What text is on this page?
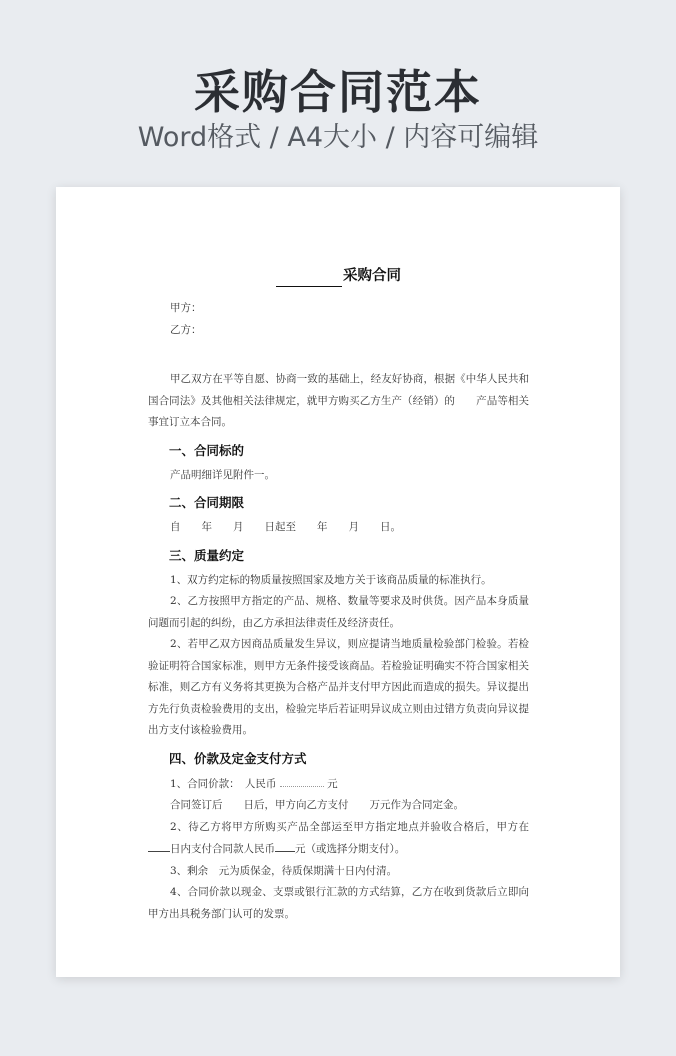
采购合同范本
Word格式 / A4大小 / 内容可编辑
采购合同
甲方：
乙方：

甲乙双方在平等自愿、协商一致的基础上，经友好协商，根据《中华人民共和国合同法》及其他相关法律规定，就甲方购买乙方生产（经销）的　　产品等相关事宜订立本合同。

一、合同标的

产品明细详见附件一。

二、合同期限

自　　年　　月　　日起至　　年　　月　　日。

三、质量约定

1、双方约定标的物质量按照国家及地方关于该商品质量的标准执行。

2、乙方按照甲方指定的产品、规格、数量等要求及时供货。因产品本身质量问题而引起的纠纷，由乙方承担法律责任及经济责任。

2、若甲乙双方因商品质量发生异议，则应提请当地质量检验部门检验。若检验证明符合国家标准，则甲方无条件接受该商品。若检验证明确实不符合国家相关标准，则乙方有义务将其更换为合格产品并支付甲方因此而造成的损失。异议提出方先行负责检验费用的支出，检验完毕后若证明异议成立则由过错方负责向异议提出方支付该检验费用。

四、价款及定金支付方式
1、合同价款：　人民币	元
合同签订后　　日后，甲方向乙方支付　　万元作为合同定金。

2、待乙方将甲方所购买产品全部运至甲方指定地点并验收合格后，甲方在日内支付合同款人民币 元（或选择分期支付）。

3、剩余　元为质保金，待质保期满十日内付清。

4、合同价款以现金、支票或银行汇款的方式结算，乙方在收到货款后立即向甲方出具税务部门认可的发票。
